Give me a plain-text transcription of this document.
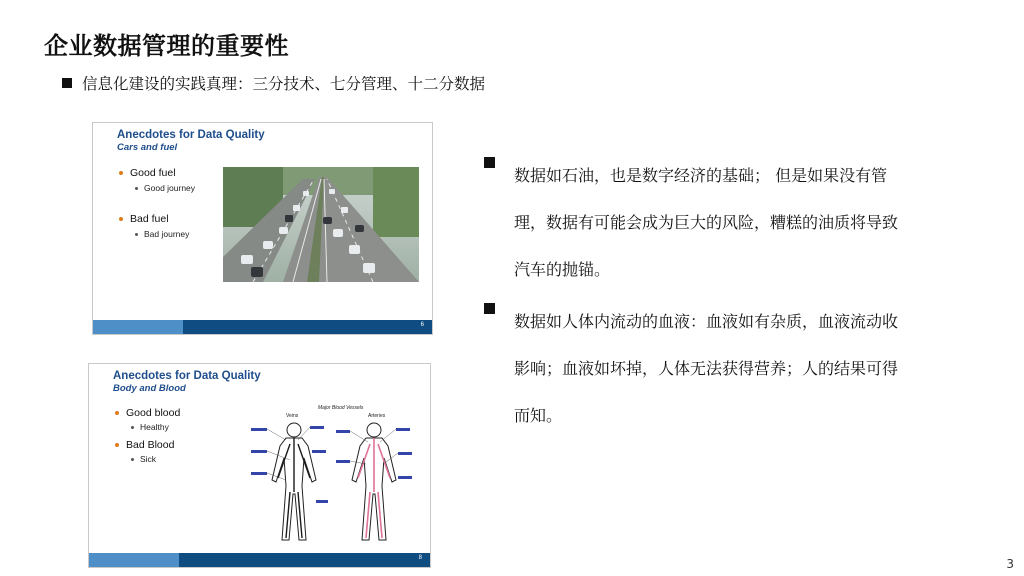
企业数据管理的重要性
信息化建设的实践真理：三分技术、七分管理、十二分数据
Anecdotes for Data Quality
Cars and fuel
Good fuel
Good journey
Bad fuel
Bad journey
6
Anecdotes for Data Quality
Body and Blood
Good blood
Healthy
Bad Blood
Sick
Major Blood Vessels
Veins	Arteries
8
数据如石油，也是数字经济的基础； 但是如果没有管
理，数据有可能会成为巨大的风险，糟糕的油质将导致
汽车的抛锚。
数据如人体内流动的血液：血液如有杂质，血液流动收
影响；血液如坏掉，人体无法获得营养；人的结果可得
而知。
3
